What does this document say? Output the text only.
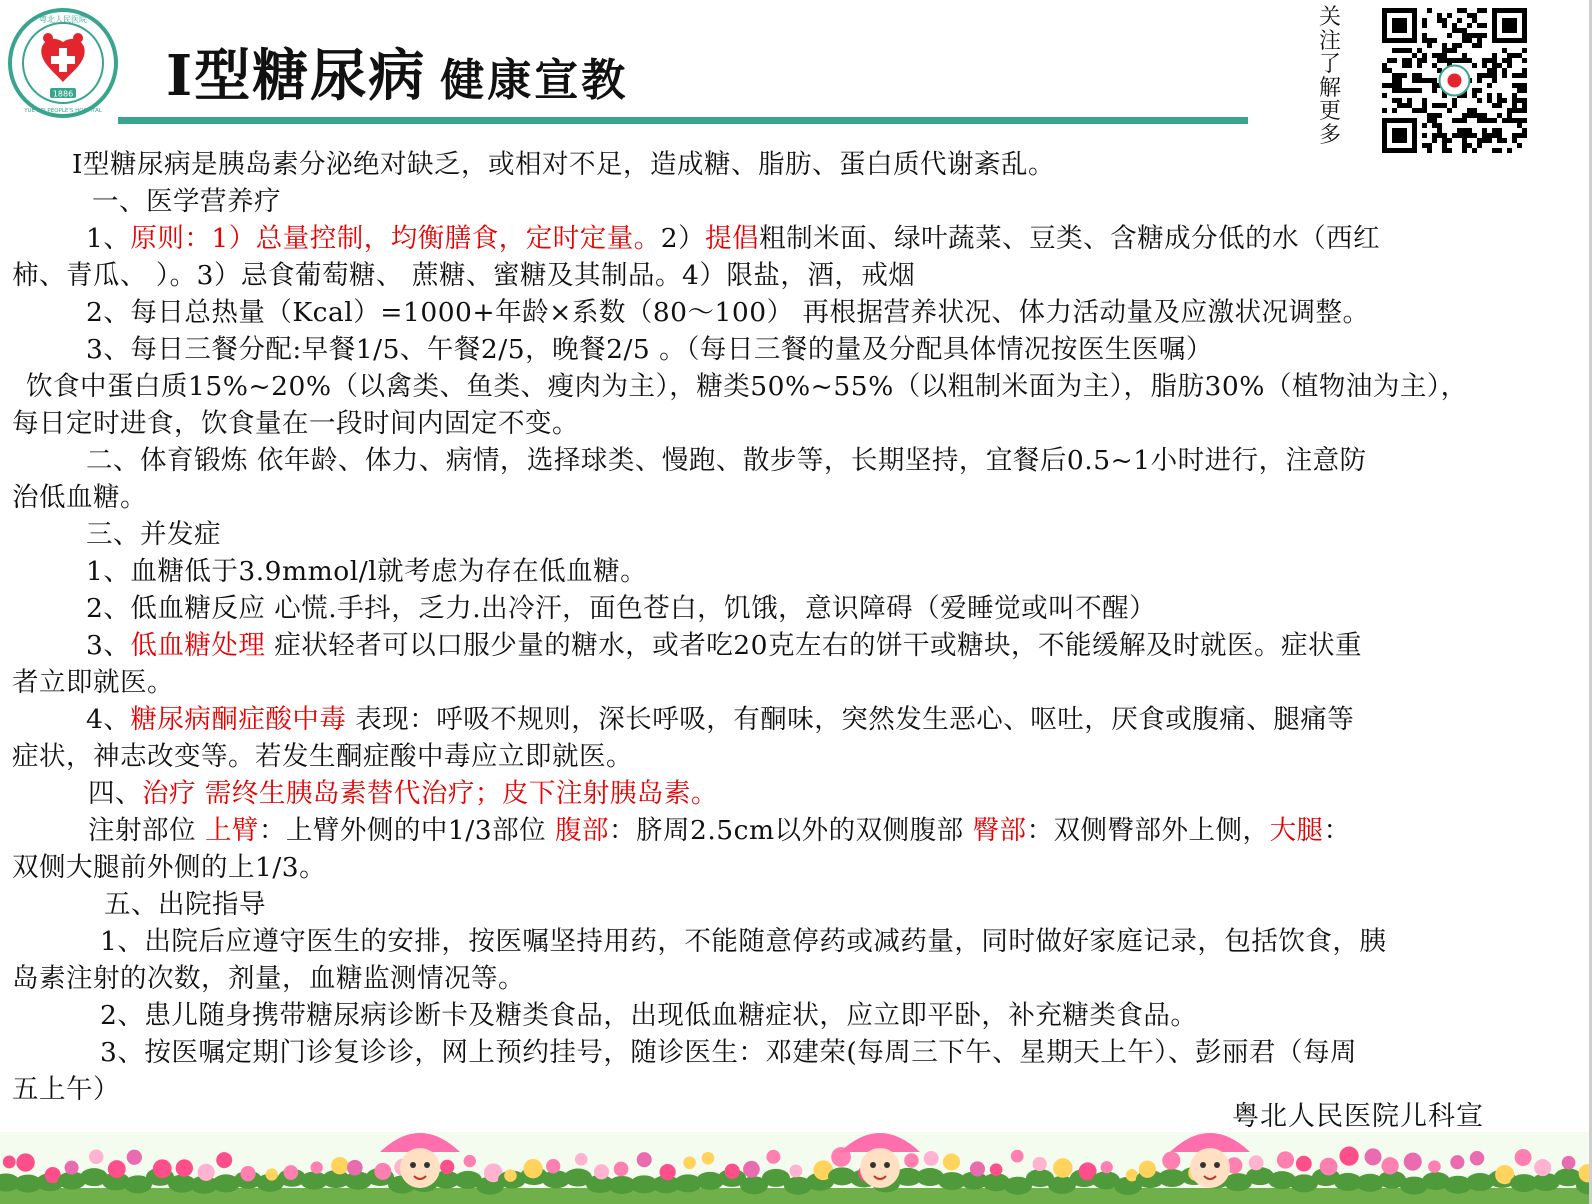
1886
粤北人民医院
YUE BEI PEOPLE'S HOSPITAL
Ⅰ型糖尿病 健康宣教
关注了解更多

Ⅰ型糖尿病是胰岛素分泌绝对缺乏，或相对不足，造成糖、脂肪、蛋白质代谢紊乱。

一、医学营养疗

1、原则：1）总量控制，均衡膳食，定时定量。2）提倡粗制米面、绿叶蔬菜、豆类、含糖成分低的水（西红

柿、青瓜、 ）。3）忌食葡萄糖、 蔗糖、蜜糖及其制品。4）限盐，酒，戒烟

2、每日总热量（Kcal）=1000+年龄×系数（80～100） 再根据营养状况、体力活动量及应激状况调整。

3、每日三餐分配:早餐1/5、午餐2/5，晚餐2/5 。（每日三餐的量及分配具体情况按医生医嘱）

饮食中蛋白质15%~20%（以禽类、鱼类、瘦肉为主），糖类50%~55%（以粗制米面为主），脂肪30%（植物油为主），

每日定时进食，饮食量在一段时间内固定不变。

二、体育锻炼 依年龄、体力、病情，选择球类、慢跑、散步等，长期坚持，宜餐后0.5~1小时进行，注意防

治低血糖。

三、并发症

1、血糖低于3.9mmol/l就考虑为存在低血糖。

2、低血糖反应 心慌.手抖，乏力.出冷汗，面色苍白，饥饿，意识障碍（爱睡觉或叫不醒）

3、低血糖处理 症状轻者可以口服少量的糖水，或者吃20克左右的饼干或糖块，不能缓解及时就医。症状重

者立即就医。

4、糖尿病酮症酸中毒 表现：呼吸不规则，深长呼吸，有酮味，突然发生恶心、呕吐，厌食或腹痛、腿痛等

症状，神志改变等。若发生酮症酸中毒应立即就医。

四、治疗 需终生胰岛素替代治疗；皮下注射胰岛素。

注射部位 上臂：上臂外侧的中1/3部位 腹部：脐周2.5cm以外的双侧腹部 臀部：双侧臀部外上侧，大腿：

双侧大腿前外侧的上1/3。

五、出院指导

1、出院后应遵守医生的安排，按医嘱坚持用药，不能随意停药或减药量，同时做好家庭记录，包括饮食，胰

岛素注射的次数，剂量，血糖监测情况等。

2、患儿随身携带糖尿病诊断卡及糖类食品，出现低血糖症状，应立即平卧，补充糖类食品。

3、按医嘱定期门诊复诊诊，网上预约挂号，随诊医生：邓建荣(每周三下午、星期天上午）、彭丽君（每周

五上午）

粤北人民医院儿科宣
